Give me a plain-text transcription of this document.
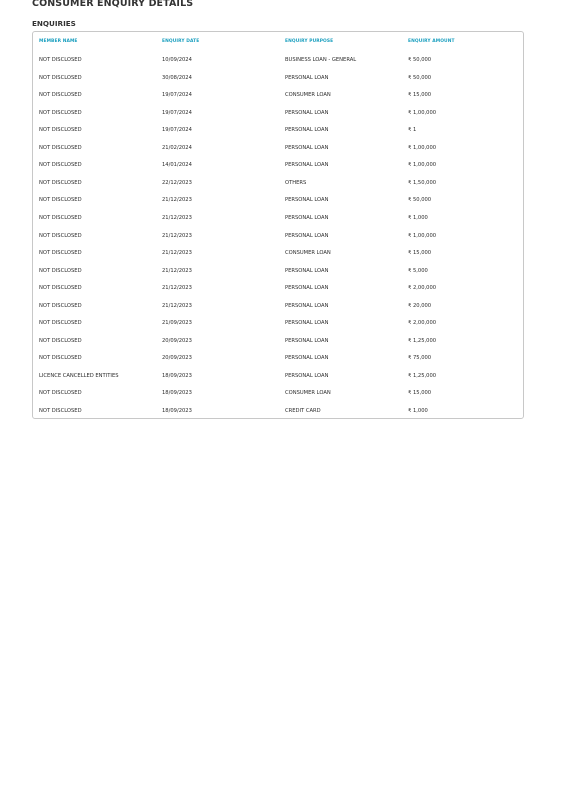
CONSUMER ENQUIRY DETAILS
ENQUIRIES
MEMBER NAME	ENQUIRY DATE	ENQUIRY PURPOSE	ENQUIRY AMOUNT
NOT DISCLOSED	10/09/2024	BUSINESS LOAN - GENERAL	₹ 50,000
NOT DISCLOSED	30/08/2024	PERSONAL LOAN	₹ 50,000
NOT DISCLOSED	19/07/2024	CONSUMER LOAN	₹ 15,000
NOT DISCLOSED	19/07/2024	PERSONAL LOAN	₹ 1,00,000
NOT DISCLOSED	19/07/2024	PERSONAL LOAN	₹ 1
NOT DISCLOSED	21/02/2024	PERSONAL LOAN	₹ 1,00,000
NOT DISCLOSED	14/01/2024	PERSONAL LOAN	₹ 1,00,000
NOT DISCLOSED	22/12/2023	OTHERS	₹ 1,50,000
NOT DISCLOSED	21/12/2023	PERSONAL LOAN	₹ 50,000
NOT DISCLOSED	21/12/2023	PERSONAL LOAN	₹ 1,000
NOT DISCLOSED	21/12/2023	PERSONAL LOAN	₹ 1,00,000
NOT DISCLOSED	21/12/2023	CONSUMER LOAN	₹ 15,000
NOT DISCLOSED	21/12/2023	PERSONAL LOAN	₹ 5,000
NOT DISCLOSED	21/12/2023	PERSONAL LOAN	₹ 2,00,000
NOT DISCLOSED	21/12/2023	PERSONAL LOAN	₹ 20,000
NOT DISCLOSED	21/09/2023	PERSONAL LOAN	₹ 2,00,000
NOT DISCLOSED	20/09/2023	PERSONAL LOAN	₹ 1,25,000
NOT DISCLOSED	20/09/2023	PERSONAL LOAN	₹ 75,000
LICENCE CANCELLED ENTITIES	18/09/2023	PERSONAL LOAN	₹ 1,25,000
NOT DISCLOSED	18/09/2023	CONSUMER LOAN	₹ 15,000
NOT DISCLOSED	18/09/2023	CREDIT CARD	₹ 1,000
